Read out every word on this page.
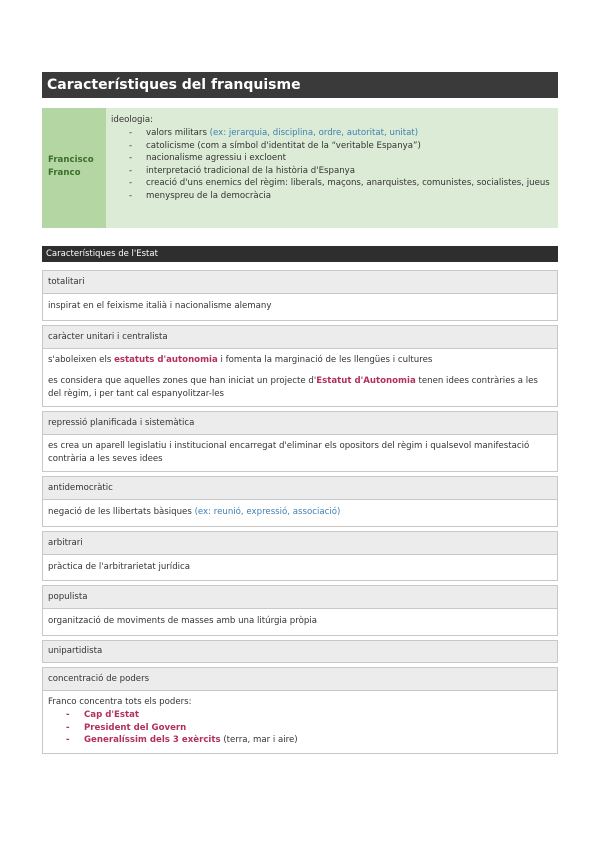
Característiques del franquisme
Francisco
Franco
ideologia:
- valors militars (ex: jerarquia, disciplina, ordre, autoritat, unitat)
- catolicisme (com a símbol d'identitat de la “veritable Espanya”)
- nacionalisme agressiu i excloent
- interpretació tradicional de la història d'Espanya
- creació d'uns enemics del règim: liberals, maçons, anarquistes, comunistes, socialistes, jueus
- menyspreu de la democràcia
Característiques de l'Estat
totalitari
inspirat en el feixisme italià i nacionalisme alemany
caràcter unitari i centralista

s'aboleixen els estatuts d'autonomia i fomenta la marginació de les llengües i cultures

es considera que aquelles zones que han iniciat un projecte d'Estatut d'Autonomia tenen idees contràries a les del règim, i per tant cal espanyolitzar-les

repressió planificada i sistemàtica
es crea un aparell legislatiu i institucional encarregat d'eliminar els opositors del règim i qualsevol manifestació contrària a les seves idees
antidemocràtic
negació de les llibertats bàsiques (ex: reunió, expressió, associació)
arbitrari
pràctica de l'arbitrarietat jurídica
populista
organització de moviments de masses amb una litúrgia pròpia
unipartidista
concentració de poders
Franco concentra tots els poders:
- Cap d'Estat
- President del Govern
- Generalíssim dels 3 exèrcits (terra, mar i aire)
